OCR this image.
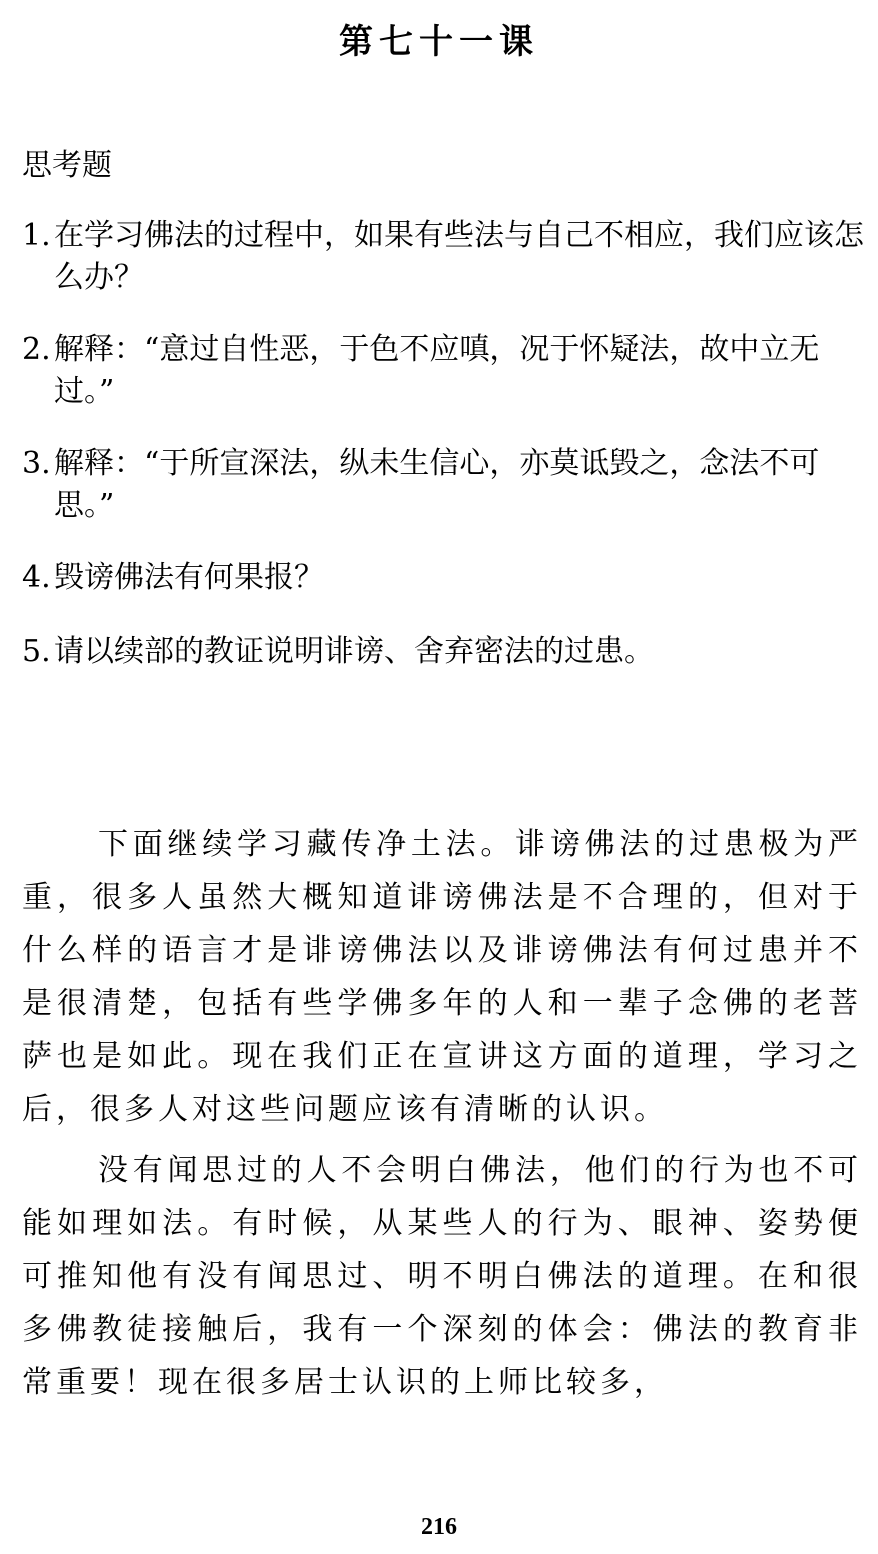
第七十一课
思考题
1. 在学习佛法的过程中，如果有些法与自己不相应，我们应该怎么办？
2. 解释：“意过自性恶，于色不应嗔，况于怀疑法，故中立无过。”
3. 解释：“于所宣深法，纵未生信心，亦莫诋毁之，念法不可思。”
4. 毁谤佛法有何果报？
5. 请以续部的教证说明诽谤、舍弃密法的过患。

下面继续学习藏传净土法。诽谤佛法的过患极为严重，很多人虽然大概知道诽谤佛法是不合理的，但对于什么样的语言才是诽谤佛法以及诽谤佛法有何过患并不是很清楚，包括有些学佛多年的人和一辈子念佛的老菩萨也是如此。现在我们正在宣讲这方面的道理，学习之后，很多人对这些问题应该有清晰的认识。

没有闻思过的人不会明白佛法，他们的行为也不可能如理如法。有时候，从某些人的行为、眼神、姿势便可推知他有没有闻思过、明不明白佛法的道理。在和很多佛教徒接触后，我有一个深刻的体会：佛法的教育非常重要！现在很多居士认识的上师比较多，

216
